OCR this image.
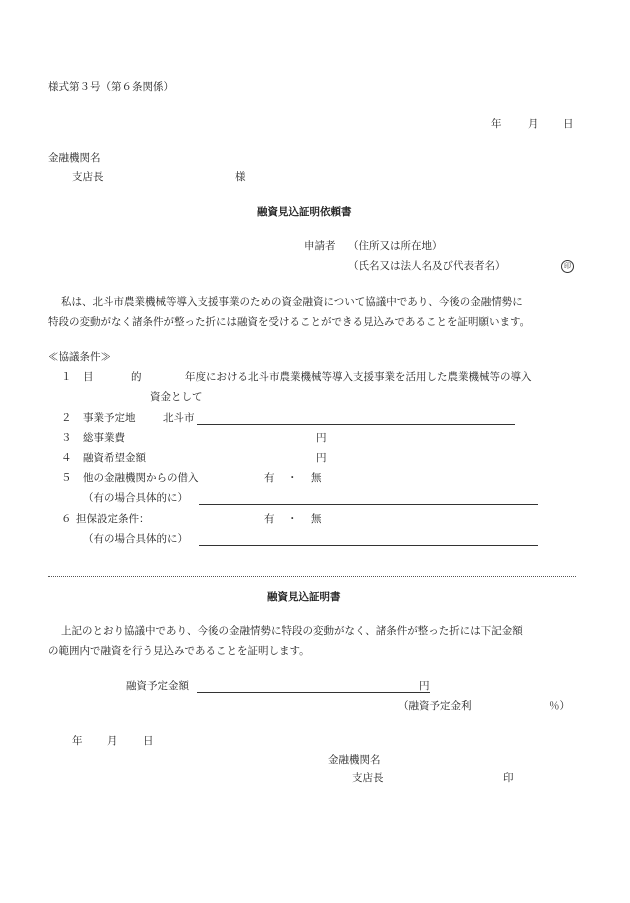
様式第３号（第６条関係）
年	月 日
金融機関名
支店長	様
融資見込証明依頼書
申請者 （住所又は所在地）
（氏名又は法人名及び代表者名）	印
私は、北斗市農業機械等導入支援事業のための資金融資について協議中であり、今後の金融情勢に
特段の変動がなく諸条件が整った折には融資を受けることができる見込みであることを証明願います。
≪協議条件≫
１ 目	的	年度における北斗市農業機械等導入支援事業を活用した農業機械等の導入
資金として
２ 事業予定地	北斗市
３ 総事業費	円
４ 融資希望金額	円
５ 他の金融機関からの借入	有 ・ 無
（有の場合具体的に）
６ 担保設定条件：	有 ・ 無
（有の場合具体的に）
融資見込証明書
上記のとおり協議中であり、今後の金融情勢に特段の変動がなく、諸条件が整った折には下記金額
の範囲内で融資を行う見込みであることを証明します。
融資予定金額	円
（融資予定金利	％）
年 月 日
金融機関名
支店長	印
